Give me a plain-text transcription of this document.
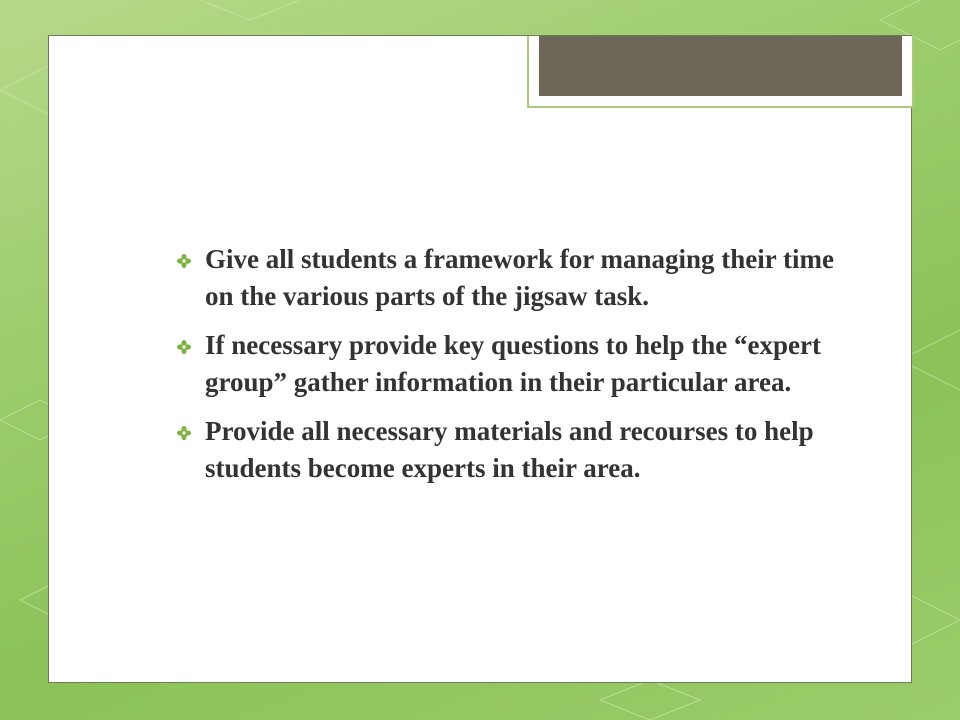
Give all students a framework for managing their time on the various parts of the jigsaw task.
If necessary provide key questions to help the “expert group” gather information in their particular area.
Provide all necessary materials and recourses to help students become experts in their area.
